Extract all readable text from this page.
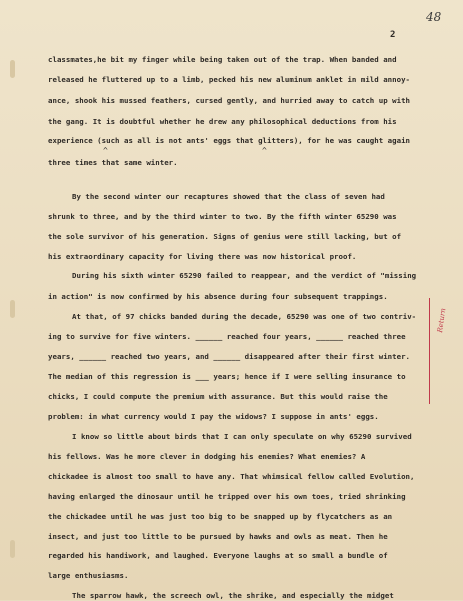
48
2
classmates,he bit my finger while being taken out of the trap. When banded and
released he fluttered up to a limb, pecked his new aluminum anklet in mild annoy-
ance, shook his mussed feathers, cursed gently, and hurried away to catch up with
the gang. It is doubtful whether he drew any philosophical deductions from his
experience (such as all is not ants' eggs that glitters), for he was caught again
three times that same winter.
By the second winter our recaptures showed that the class of seven had
shrunk to three, and by the third winter to two. By the fifth winter 65290 was
the sole survivor of his generation. Signs of genius were still lacking, but of
his extraordinary capacity for living there was now historical proof.
During his sixth winter 65290 failed to reappear, and the verdict of "missing
in action" is now confirmed by his absence during four subsequent trappings.
At that, of 97 chicks banded during the decade, 65290 was one of two contriv-
ing to survive for five winters. ______ reached four years, ______ reached three
years, ______ reached two years, and ______ disappeared after their first winter.
The median of this regression is ___ years; hence if I were selling insurance to
chicks, I could compute the premium with assurance. But this would raise the
problem: in what currency would I pay the widows? I suppose in ants' eggs.
I know so little about birds that I can only speculate on why 65290 survived
his fellows. Was he more clever in dodging his enemies? What enemies? A
chickadee is almost too small to have any. That whimsical fellow called Evolution,
having enlarged the dinosaur until he tripped over his own toes, tried shrinking
the chickadee until he was just too big to be snapped up by flycatchers as an
insect, and just too little to be pursued by hawks and owls as meat. Then he
regarded his handiwork, and laughed. Everyone laughs at so small a bundle of
large enthusiasms.
The sparrow hawk, the screech owl, the shrike, and especially the midget
^	^
Return
